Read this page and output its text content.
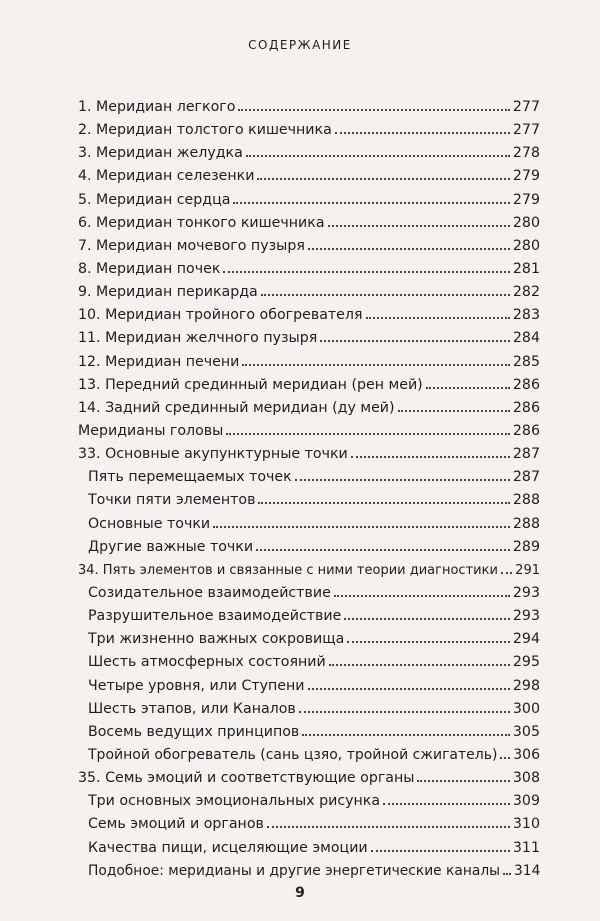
СОДЕРЖАНИЕ
1. Меридиан легкого	277
2. Меридиан толстого кишечника	277
3. Меридиан желудка	278
4. Меридиан селезенки	279
5. Меридиан сердца	279
6. Меридиан тонкого кишечника	280
7. Меридиан мочевого пузыря	280
8. Меридиан почек	281
9. Меридиан перикарда	282
10. Меридиан тройного обогревателя	283
11. Меридиан желчного пузыря	284
12. Меридиан печени	285
13. Передний срединный меридиан (рен мей)	286
14. Задний срединный меридиан (ду мей)	286
Меридианы головы	286
33. Основные акупунктурные точки	287
Пять перемещаемых точек	287
Точки пяти элементов	288
Основные точки	288
Другие важные точки	289
34. Пять элементов и связанные с ними теории диагностики 291
Созидательное взаимодействие	293
Разрушительное взаимодействие	293
Три жизненно важных сокровища	294
Шесть атмосферных состояний	295
Четыре уровня, или Ступени	298
Шесть этапов, или Каналов	300
Восемь ведущих принципов	305
Тройной обогреватель (сань цзяо, тройной сжигатель) 306
35. Семь эмоций и соответствующие органы	308
Три основных эмоциональных рисунка	309
Семь эмоций и органов	310
Качества пищи, исцеляющие эмоции	311
Подобное: меридианы и другие энергетические каналы 314
9
